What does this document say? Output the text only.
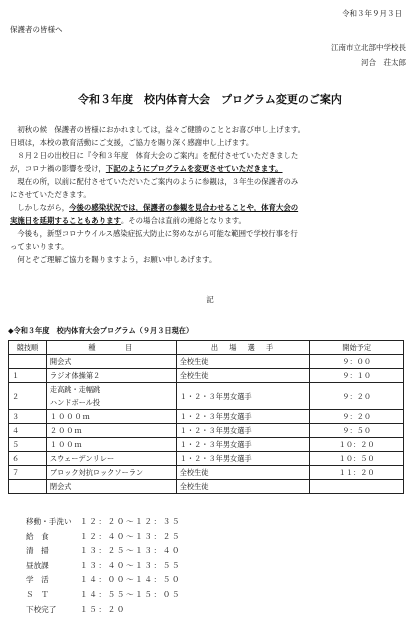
令和３年９月３日
保護者の皆様へ
江南市立北部中学校長
河合　荘太郎
令和３年度　校内体育大会　プログラム変更のご案内
　初秋の候　保護者の皆様におかれましては，益々ご健勝のこととお喜び申し上げます。
日頃は，本校の教育活動にご支援，ご協力を賜り深く感謝申し上げます。
　８月２日の出校日に『令和３年度　体育大会のご案内』を配付させていただきました
が，コロナ禍の影響を受け，下記のようにプログラムを変更させていただきます。
　現在の所，以前に配付させていただいたご案内のように参観は，３年生の保護者のみ
にさせていただきます。
　しかしながら，今後の感染状況では，保護者の参観を見合わせることや，体育大会の
実施日を延期することもあります。その場合は直前の連絡となります。
　今後も，新型コロナウイルス感染症拡大防止に努めながら可能な範囲で学校行事を行
ってまいります。
　何とぞご理解ご協力を賜りますよう，お願い申しあげます。
記
◆令和３年度　校内体育大会プログラム（９月３日現在）
競技順	種　　　目	出　場　選　手	開始予定
	開会式	全校生徒	９：００
１	ラジオ体操第２	全校生徒	９：１０
２	走高跳・走幅跳
ハンドボール投	１・２・３年男女選手	９：２０
３	１０００ｍ	１・２・３年男女選手	９：２０
４	２００ｍ	１・２・３年男女選手	９：５０
５	１００ｍ	１・２・３年男女選手	１０：２０
６	スウェーデンリレー	１・２・３年男女選手	１０：５０
７	ブロック対抗ロックソーラン	全校生徒	１１：２０
	閉会式	全校生徒	
移動・手洗い	１２：２０～１２：３５
給　食	１２：４０～１３：２５
清　掃	１３：２５～１３：４０
昼放課	１３：４０～１３：５５
学　活	１４：００～１４：５０
Ｓ　Ｔ	１４：５５～１５：０５
下校完了	１５：２０
